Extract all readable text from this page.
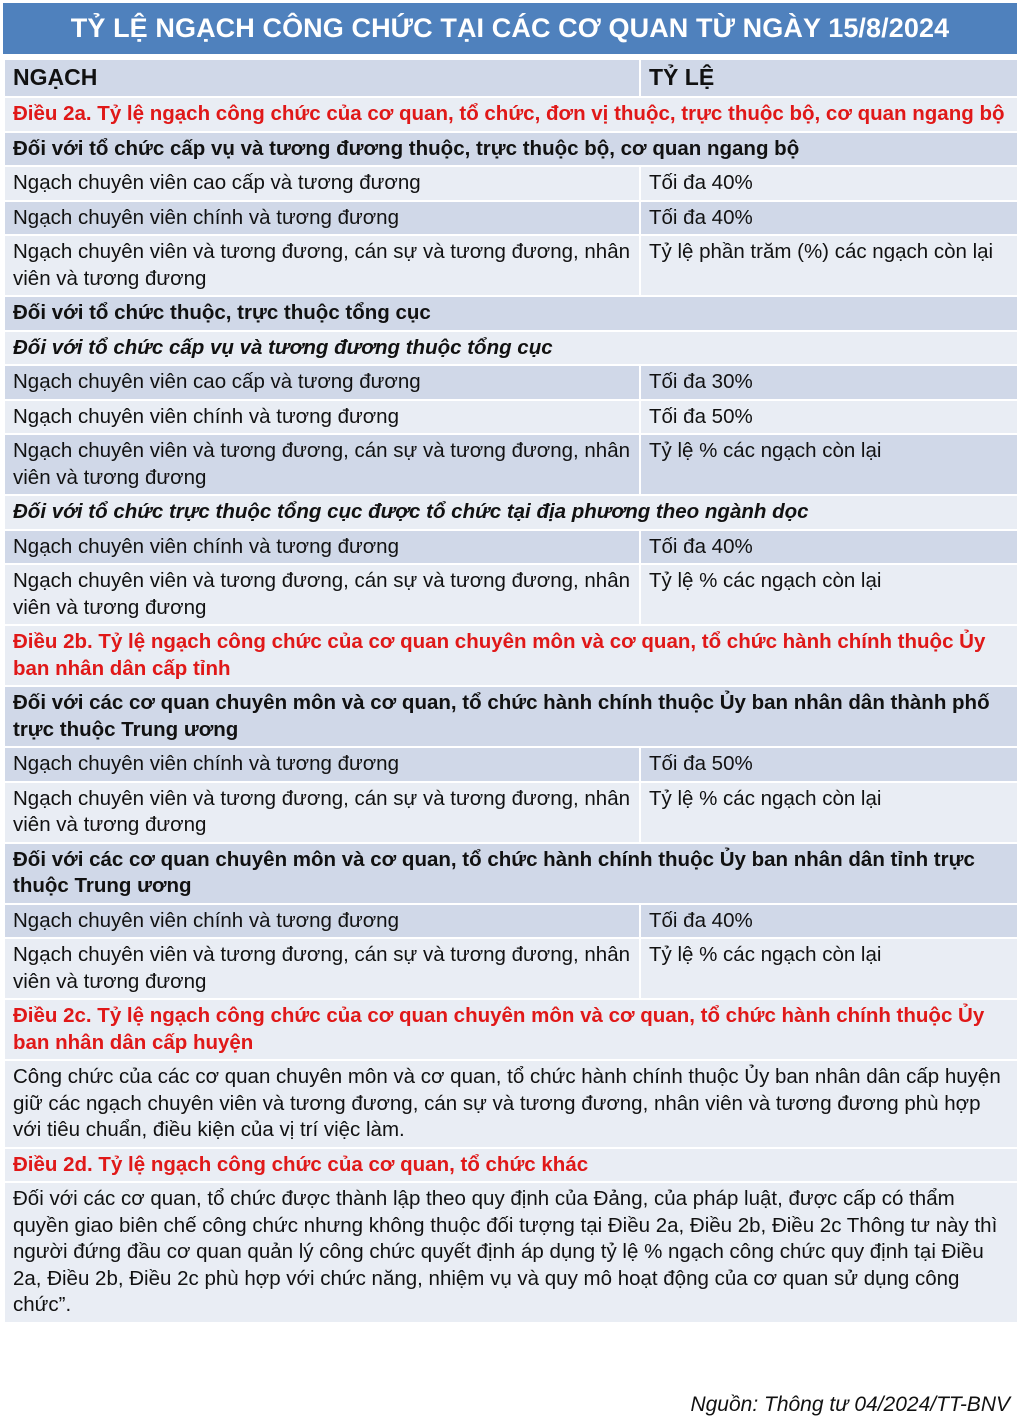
TỶ LỆ NGẠCH CÔNG CHỨC TẠI CÁC CƠ QUAN TỪ NGÀY 15/8/2024
NGẠCH	TỶ LỆ
Điều 2a. Tỷ lệ ngạch công chức của cơ quan, tổ chức, đơn vị thuộc, trực thuộc bộ, cơ quan ngang bộ	
Đối với tổ chức cấp vụ và tương đương thuộc, trực thuộc bộ, cơ quan ngang bộ	
Ngạch chuyên viên cao cấp và tương đương	Tối đa 40%
Ngạch chuyên viên chính và tương đương	Tối đa 40%
Ngạch chuyên viên và tương đương, cán sự và tương đương, nhân viên và tương đương	Tỷ lệ phần trăm (%) các ngạch còn lại
Đối với tổ chức thuộc, trực thuộc tổng cục	
Đối với tổ chức cấp vụ và tương đương thuộc tổng cục	
Ngạch chuyên viên cao cấp và tương đương	Tối đa 30%
Ngạch chuyên viên chính và tương đương	Tối đa 50%
Ngạch chuyên viên và tương đương, cán sự và tương đương, nhân viên và tương đương	Tỷ lệ % các ngạch còn lại
Đối với tổ chức trực thuộc tổng cục được tổ chức tại địa phương theo ngành dọc	
Ngạch chuyên viên chính và tương đương	Tối đa 40%
Ngạch chuyên viên và tương đương, cán sự và tương đương, nhân viên và tương đương	Tỷ lệ % các ngạch còn lại
Điều 2b. Tỷ lệ ngạch công chức của cơ quan chuyên môn và cơ quan, tổ chức hành chính thuộc Ủy ban nhân dân cấp tỉnh	
Đối với các cơ quan chuyên môn và cơ quan, tổ chức hành chính thuộc Ủy ban nhân dân thành phố trực thuộc Trung ương	
Ngạch chuyên viên chính và tương đương	Tối đa 50%
Ngạch chuyên viên và tương đương, cán sự và tương đương, nhân viên và tương đương	Tỷ lệ % các ngạch còn lại
Đối với các cơ quan chuyên môn và cơ quan, tổ chức hành chính thuộc Ủy ban nhân dân tỉnh trực thuộc Trung ương	
Ngạch chuyên viên chính và tương đương	Tối đa 40%
Ngạch chuyên viên và tương đương, cán sự và tương đương, nhân viên và tương đương	Tỷ lệ % các ngạch còn lại
Điều 2c. Tỷ lệ ngạch công chức của cơ quan chuyên môn và cơ quan, tổ chức hành chính thuộc Ủy ban nhân dân cấp huyện	
Công chức của các cơ quan chuyên môn và cơ quan, tổ chức hành chính thuộc Ủy ban nhân dân cấp huyện giữ các ngạch chuyên viên và tương đương, cán sự và tương đương, nhân viên và tương đương phù hợp với tiêu chuẩn, điều kiện của vị trí việc làm.	
Điều 2d. Tỷ lệ ngạch công chức của cơ quan, tổ chức khác	
Đối với các cơ quan, tổ chức được thành lập theo quy định của Đảng, của pháp luật, được cấp có thẩm quyền giao biên chế công chức nhưng không thuộc đối tượng tại Điều 2a, Điều 2b, Điều 2c Thông tư này thì người đứng đầu cơ quan quản lý công chức quyết định áp dụng tỷ lệ % ngạch công chức quy định tại Điều 2a, Điều 2b, Điều 2c phù hợp với chức năng, nhiệm vụ và quy mô hoạt động của cơ quan sử dụng công chức”.	
DÂN TRÍ	Nguồn: Thông tư 04/2024/TT-BNV
